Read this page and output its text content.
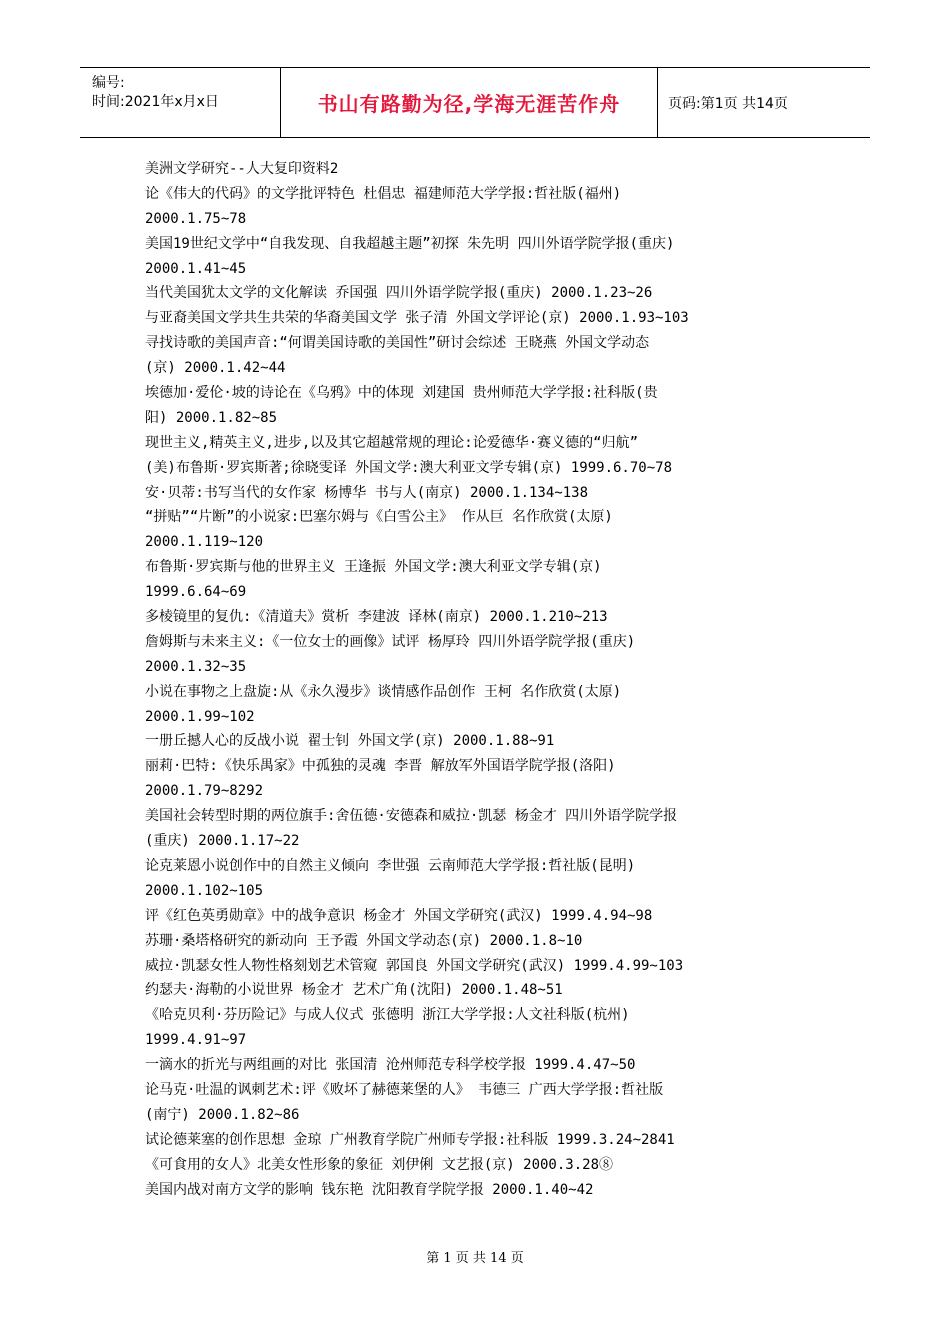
编号:
时间:2021年x月x日	书山有路勤为径,学海无涯苦作舟	页码:第1页 共14页
美洲文学研究--人大复印资料2
论《伟大的代码》的文学批评特色 杜倡忠 福建师范大学学报:哲社版(福州)
2000.1.75~78
美国19世纪文学中“自我发现、自我超越主题”初探 朱先明 四川外语学院学报(重庆)
2000.1.41~45
当代美国犹太文学的文化解读 乔国强 四川外语学院学报(重庆) 2000.1.23~26
与亚裔美国文学共生共荣的华裔美国文学 张子清 外国文学评论(京) 2000.1.93~103
寻找诗歌的美国声音:“何谓美国诗歌的美国性”研讨会综述 王晓燕 外国文学动态
(京) 2000.1.42~44
埃德加·爱伦·坡的诗论在《乌鸦》中的体现 刘建国 贵州师范大学学报:社科版(贵
阳) 2000.1.82~85
现世主义,精英主义,进步,以及其它超越常规的理论:论爱德华·赛义德的“归航”
(美)布鲁斯·罗宾斯著;徐晓雯译 外国文学:澳大利亚文学专辑(京) 1999.6.70~78
安·贝蒂:书写当代的女作家 杨博华 书与人(南京) 2000.1.134~138
“拼贴”“片断”的小说家:巴塞尔姆与《白雪公主》 作从巨 名作欣赏(太原)
2000.1.119~120
布鲁斯·罗宾斯与他的世界主义 王逢振 外国文学:澳大利亚文学专辑(京)
1999.6.64~69
多棱镜里的复仇:《清道夫》赏析 李建波 译林(南京) 2000.1.210~213
詹姆斯与未来主义:《一位女士的画像》试评 杨厚玲 四川外语学院学报(重庆)
2000.1.32~35
小说在事物之上盘旋:从《永久漫步》谈情感作品创作 王柯 名作欣赏(太原)
2000.1.99~102
一册丘撼人心的反战小说 翟士钊 外国文学(京) 2000.1.88~91
丽莉·巴特:《快乐禺家》中孤独的灵魂 李晋 解放军外国语学院学报(洛阳)
2000.1.79~8292
美国社会转型时期的两位旗手:舍伍德·安德森和威拉·凯瑟 杨金才 四川外语学院学报
(重庆) 2000.1.17~22
论克莱恩小说创作中的自然主义倾向 李世强 云南师范大学学报:哲社版(昆明)
2000.1.102~105
评《红色英勇勋章》中的战争意识 杨金才 外国文学研究(武汉) 1999.4.94~98
苏珊·桑塔格研究的新动向 王予霞 外国文学动态(京) 2000.1.8~10
威拉·凯瑟女性人物性格刻划艺术管窥 郭国良 外国文学研究(武汉) 1999.4.99~103
约瑟夫·海勒的小说世界 杨金才 艺术广角(沈阳) 2000.1.48~51
《哈克贝利·芬历险记》与成人仪式 张德明 浙江大学学报:人文社科版(杭州)
1999.4.91~97
一滴水的折光与两组画的对比 张国清 沧州师范专科学校学报 1999.4.47~50
论马克·吐温的讽刺艺术:评《败坏了赫德莱堡的人》 韦德三 广西大学学报:哲社版
(南宁) 2000.1.82~86
试论德莱塞的创作思想 金琼 广州教育学院广州师专学报:社科版 1999.3.24~2841
《可食用的女人》北美女性形象的象征 刘伊俐 文艺报(京) 2000.3.28⑧
美国内战对南方文学的影响 钱东艳 沈阳教育学院学报 2000.1.40~42
第 1 页 共 14 页
